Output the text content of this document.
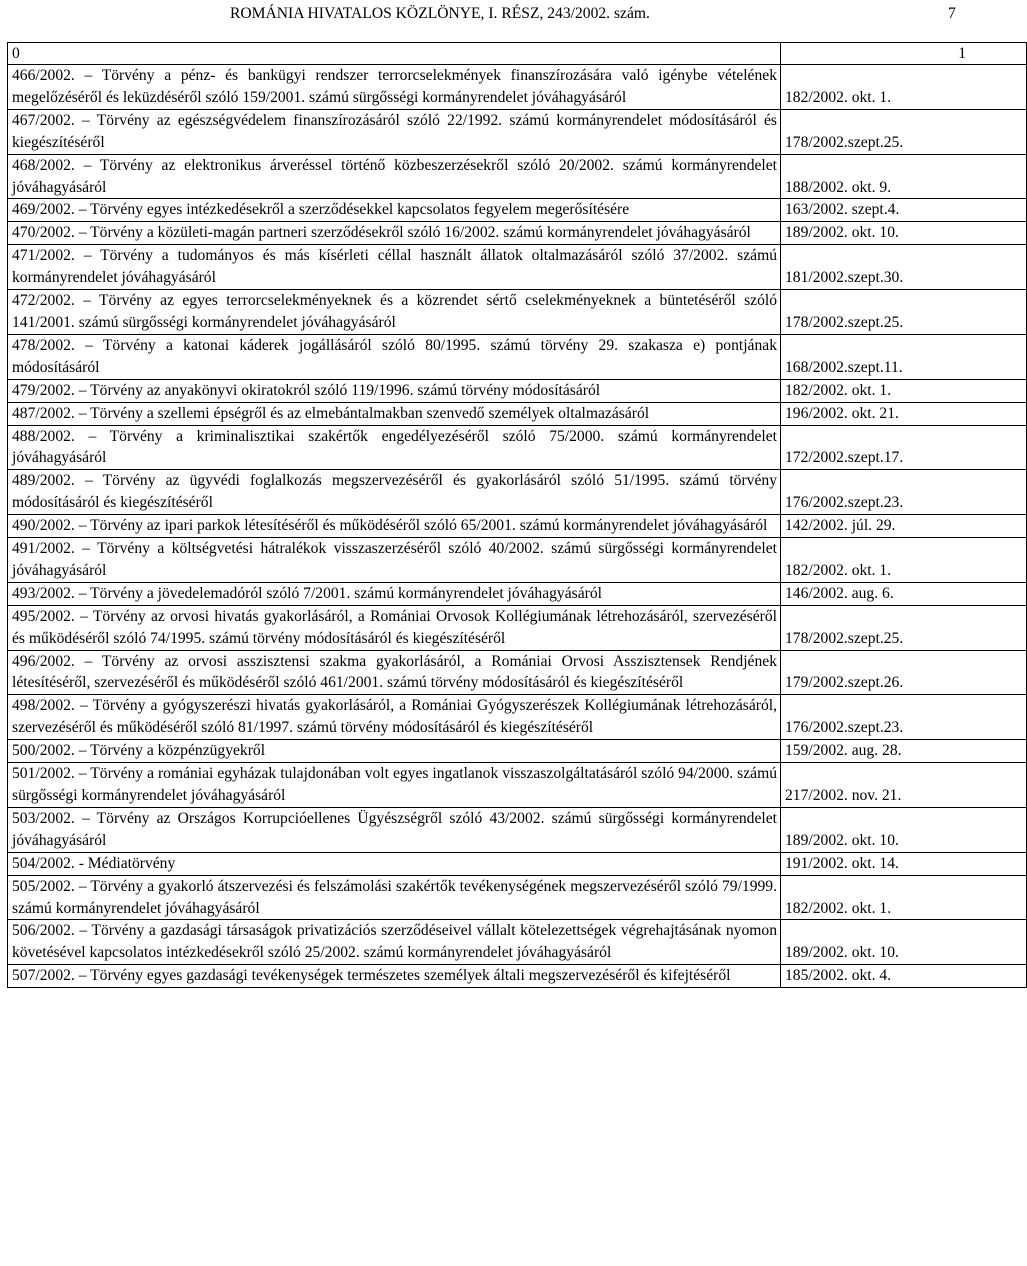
ROMÁNIA HIVATALOS KÖZLÖNYE, I. RÉSZ, 243/2002. szám.	7
0	1
466/2002. – Törvény a pénz- és bankügyi rendszer terrorcselekmények finanszírozására való igénybe vételének megelőzéséről és leküzdéséről szóló 159/2001. számú sürgősségi kormányrendelet jóváhagyásáról	182/2002. okt. 1.
467/2002. – Törvény az egészségvédelem finanszírozásáról szóló 22/1992. számú kormányrendelet módosításáról és kiegészítéséről	178/2002.szept.25.
468/2002. – Törvény az elektronikus árveréssel történő közbeszerzésekről szóló 20/2002. számú kormányrendelet jóváhagyásáról	188/2002. okt. 9.
469/2002. – Törvény egyes intézkedésekről a szerződésekkel kapcsolatos fegyelem megerősítésére	163/2002. szept.4.
470/2002. – Törvény a közületi-magán partneri szerződésekről szóló 16/2002. számú kormányrendelet jóváhagyásáról	189/2002. okt. 10.
471/2002. – Törvény a tudományos és más kísérleti céllal használt állatok oltalmazásáról szóló 37/2002. számú kormányrendelet jóváhagyásáról	181/2002.szept.30.
472/2002. – Törvény az egyes terrorcselekményeknek és a közrendet sértő cselekményeknek a büntetéséről szóló 141/2001. számú sürgősségi kormányrendelet jóváhagyásáról	178/2002.szept.25.
478/2002. – Törvény a katonai káderek jogállásáról szóló 80/1995. számú törvény 29. szakasza e) pontjának módosításáról	168/2002.szept.11.
479/2002. – Törvény az anyakönyvi okiratokról szóló 119/1996. számú törvény módosításáról	182/2002. okt. 1.
487/2002. – Törvény a szellemi épségről és az elmebántalmakban szenvedő személyek oltalmazásáról	196/2002. okt. 21.
488/2002. – Törvény a kriminalisztikai szakértők engedélyezéséről szóló 75/2000. számú kormányrendelet jóváhagyásáról	172/2002.szept.17.
489/2002. – Törvény az ügyvédi foglalkozás megszervezéséről és gyakorlásáról szóló 51/1995. számú törvény módosításáról és kiegészítéséről	176/2002.szept.23.
490/2002. – Törvény az ipari parkok létesítéséről és működéséről szóló 65/2001. számú kormányrendelet jóváhagyásáról	142/2002. júl. 29.
491/2002. – Törvény a költségvetési hátralékok visszaszerzéséről szóló 40/2002. számú sürgősségi kormányrendelet jóváhagyásáról	182/2002. okt. 1.
493/2002. – Törvény a jövedelemadóról szóló 7/2001. számú kormányrendelet jóváhagyásáról	146/2002. aug. 6.
495/2002. – Törvény az orvosi hivatás gyakorlásáról, a Romániai Orvosok Kollégiumának létrehozásáról, szervezéséről és működéséről szóló 74/1995. számú törvény módosításáról és kiegészítéséről	178/2002.szept.25.
496/2002. – Törvény az orvosi asszisztensi szakma gyakorlásáról, a Romániai Orvosi Asszisztensek Rendjének létesítéséről, szervezéséről és működéséről szóló 461/2001. számú törvény módosításáról és kiegészítéséről	179/2002.szept.26.
498/2002. – Törvény a gyógyszerészi hivatás gyakorlásáról, a Romániai Gyógyszerészek Kollégiumának létrehozásáról, szervezéséről és működéséről szóló 81/1997. számú törvény módosításáról és kiegészítéséről	176/2002.szept.23.
500/2002. – Törvény a közpénzügyekről	159/2002. aug. 28.
501/2002. – Törvény a romániai egyházak tulajdonában volt egyes ingatlanok visszaszolgáltatásáról szóló 94/2000. számú sürgősségi kormányrendelet jóváhagyásáról	217/2002. nov. 21.
503/2002. – Törvény az Országos Korrupcióellenes Ügyészségről szóló 43/2002. számú sürgősségi kormányrendelet jóváhagyásáról	189/2002. okt. 10.
504/2002. - Médiatörvény	191/2002. okt. 14.
505/2002. – Törvény a gyakorló átszervezési és felszámolási szakértők tevékenységének megszervezéséről szóló 79/1999. számú kormányrendelet jóváhagyásáról	182/2002. okt. 1.
506/2002. – Törvény a gazdasági társaságok privatizációs szerződéseivel vállalt kötelezettségek végrehajtásának nyomon követésével kapcsolatos intézkedésekről szóló 25/2002. számú kormányrendelet jóváhagyásáról	189/2002. okt. 10.
507/2002. – Törvény egyes gazdasági tevékenységek természetes személyek általi megszervezéséről és kifejtéséről	185/2002. okt. 4.
